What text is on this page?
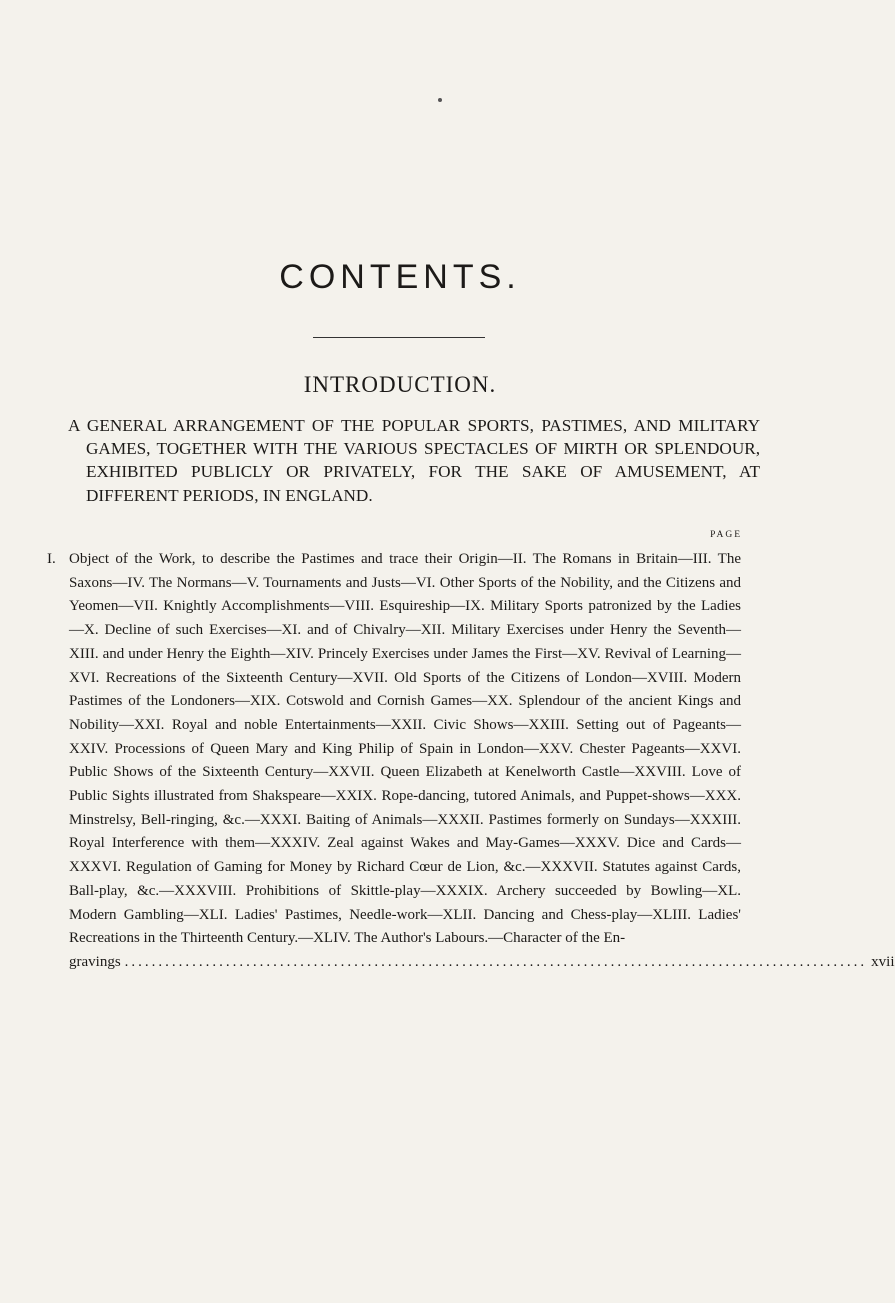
CONTENTS.
INTRODUCTION.

A GENERAL ARRANGEMENT OF THE POPULAR SPORTS, PASTIMES, AND MILITARY GAMES, TOGETHER WITH THE VARIOUS SPECTACLES OF MIRTH OR SPLENDOUR, EXHIBITED PUBLICLY OR PRIVATELY, FOR THE SAKE OF AMUSEMENT, AT DIFFERENT PERIODS, IN ENGLAND.

PAGE
I. Object of the Work, to describe the Pastimes and trace their Origin—II. The Romans in Britain—III. The Saxons—IV. The Normans—V. Tournaments and Justs—VI. Other Sports of the Nobility, and the Citizens and Yeomen—VII. Knightly Accomplishments—VIII. Esquireship—IX. Military Sports patronized by the Ladies—X. Decline of such Exercises—XI. and of Chivalry—XII. Military Exercises under Henry the Seventh—XIII. and under Henry the Eighth—XIV. Princely Exercises under James the First—XV. Revival of Learning—XVI. Recreations of the Sixteenth Century—XVII. Old Sports of the Citizens of London—XVIII. Modern Pastimes of the Londoners—XIX. Cotswold and Cornish Games—XX. Splendour of the ancient Kings and Nobility—XXI. Royal and noble Entertainments—XXII. Civic Shows—XXIII. Setting out of Pageants—XXIV. Processions of Queen Mary and King Philip of Spain in London—XXV. Chester Pageants—XXVI. Public Shows of the Sixteenth Century—XXVII. Queen Elizabeth at Kenelworth Castle—XXVIII. Love of Public Sights illustrated from Shakspeare—XXIX. Rope-dancing, tutored Animals, and Puppet-shows—XXX. Minstrelsy, Bell-ringing, &c.—XXXI. Baiting of Animals—XXXII. Pastimes formerly on Sundays—XXXIII. Royal Interference with them—XXXIV. Zeal against Wakes and May-Games—XXXV. Dice and Cards—XXXVI. Regulation of Gaming for Money by Richard Cœur de Lion, &c.—XXXVII. Statutes against Cards, Ball-play, &c.—XXXVIII. Prohibitions of Skittle-play—XXXIX. Archery succeeded by Bowling—XL. Modern Gambling—XLI. Ladies' Pastimes, Needle-work—XLII. Dancing and Chess-play—XLIII. Ladies' Recreations in the Thirteenth Century.—XLIV. The Author's Labours.—Character of the En-

gravings .............................................................................................................. xvii
